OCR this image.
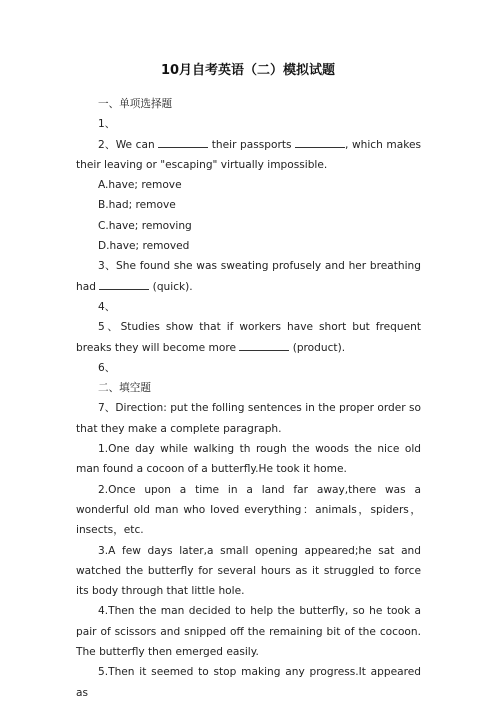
10月自考英语（二）模拟试题

一、单项选择题

1、

2、We can	their passports	, which makes their leaving or "escaping" virtually impossible.

A.have; remove

B.had; remove

C.have; removing

D.have; removed

3、She found she was sweating profusely and her breathing had	(quick).

4、

5、Studies show that if workers have short but frequent breaks they will become more	(product).

6、

二、填空题

7、Direction: put the folling sentences in the proper order so that they make a complete paragraph.

1.One day while walking th rough the woods the nice old man found a cocoon of a butterfly.He took it home.

2.Once upon a time in a land far away,there was a wonderful old man who Ioved everything：animaIs，spiders，insects，etc.

3.A few days later,a small opening appeared;he sat and watched the butterfly for several hours as it struggled to force its body through that little hole.

4.Then the man decided to help the butterfly, so he took a pair of scissors and snipped off the remaining bit of the cocoon. The butterfly then emerged easily.

5.Then it seemed to stop making any progress.It appeared as
